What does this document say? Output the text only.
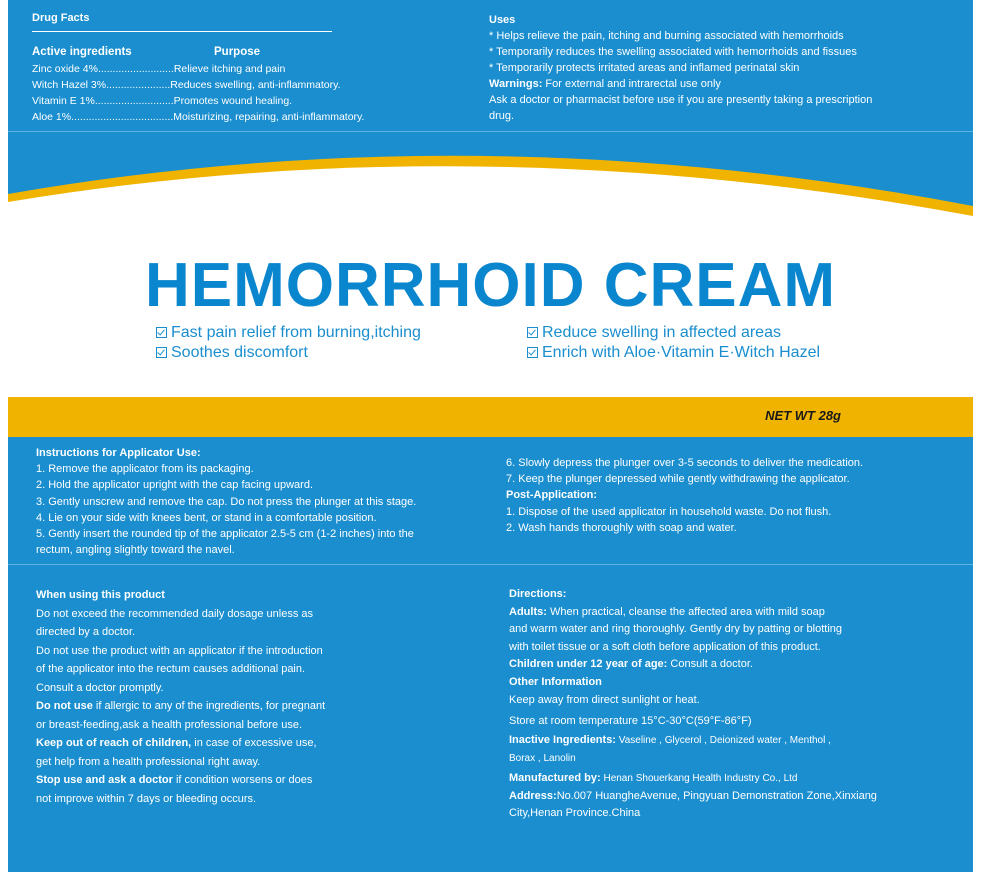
Drug Facts
Active ingredients	Purpose
Zinc oxide 4%..........................Relieve itching and pain
Witch Hazel 3%......................Reduces swelling, anti-inflammatory.
Vitamin E 1%...........................Promotes wound healing.
Aloe 1%...................................Moisturizing, repairing, anti-inflammatory.
Uses
* Helps relieve the pain, itching and burning associated with hemorrhoids
* Temporarily reduces the swelling associated with hemorrhoids and fissues
* Temporarily protects irritated areas and inflamed perinatal skin
Warnings: For external and intrarectal use only
Ask a doctor or pharmacist before use if you are presently taking a prescription
drug.
HEMORRHOID CREAM
Fast pain relief from burning,itching
Soothes discomfort
Reduce swelling in affected areas
Enrich with Aloe·Vitamin E·Witch Hazel
NET WT 28g
Instructions for Applicator Use:
1. Remove the applicator from its packaging.
2. Hold the applicator upright with the cap facing upward.
3. Gently unscrew and remove the cap. Do not press the plunger at this stage.
4. Lie on your side with knees bent, or stand in a comfortable position.
5. Gently insert the rounded tip of the applicator 2.5-5 cm (1-2 inches) into the
rectum, angling slightly toward the navel.
6. Slowly depress the plunger over 3-5 seconds to deliver the medication.
7. Keep the plunger depressed while gently withdrawing the applicator.
Post-Application:
1. Dispose of the used applicator in household waste. Do not flush.
2. Wash hands thoroughly with soap and water.
When using this product
Do not exceed the recommended daily dosage unless as
directed by a doctor.
Do not use the product with an applicator if the introduction
of the applicator into the rectum causes additional pain.
Consult a doctor promptly.
Do not use if allergic to any of the ingredients, for pregnant
or breast-feeding,ask a health professional before use.
Keep out of reach of children, in case of excessive use,
get help from a health professional right away.
Stop use and ask a doctor if condition worsens or does
not improve within 7 days or bleeding occurs.
Directions:
Adults: When practical, cleanse the affected area with mild soap
and warm water and ring thoroughly. Gently dry by patting or blotting
with toilet tissue or a soft cloth before application of this product.
Children under 12 year of age: Consult a doctor.
Other Information
Keep away from direct sunlight or heat.
Store at room temperature 15°C-30°C(59°F-86°F)
Inactive Ingredients: Vaseline , Glycerol , Deionized water , Menthol ,
Borax , Lanolin
Manufactured by: Henan Shouerkang Health Industry Co., Ltd
Address:No.007 HuangheAvenue, Pingyuan Demonstration Zone,Xinxiang
City,Henan Province.China
